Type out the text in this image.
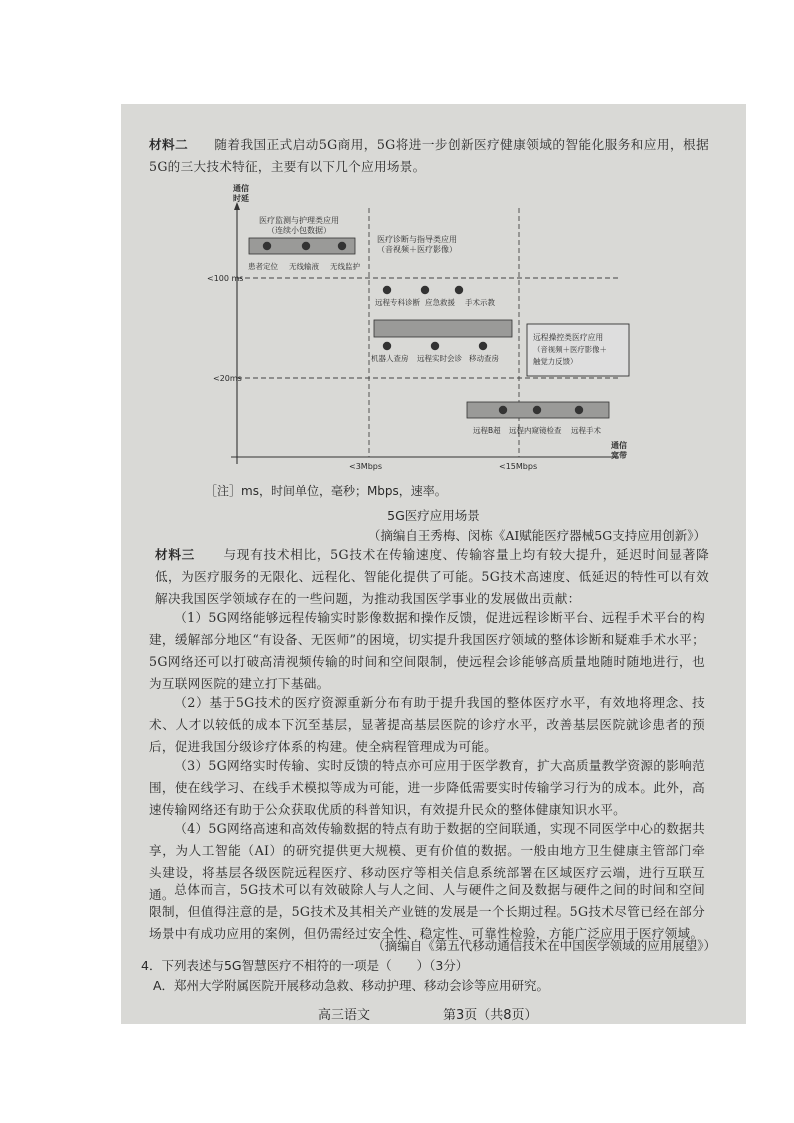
材料二 随着我国正式启动5G商用，5G将进一步创新医疗健康领域的智能化服务和应用，根据5G的三大技术特征，主要有以下几个应用场景。
通信
时延
<100 ms
<20ms
<3Mbps	<15Mbps
通信
宽带
医疗监测与护理类应用
（连续小包数据）
患者定位 无线输液 无线监护
医疗诊断与指导类应用
（音视频＋医疗影像）
远程专科诊断 应急救援 手术示教
机器人查房 远程实时会诊 移动查房
远程操控类医疗应用
（音视频＋医疗影像＋
触觉力反馈）
远程B超 远程内窥镜检查 远程手术
［注］ms，时间单位，毫秒；Mbps，速率。
5G医疗应用场景
（摘编自王秀梅、闵栋《AI赋能医疗器械5G支持应用创新》）
材料三 与现有技术相比，5G技术在传输速度、传输容量上均有较大提升，延迟时间显著降低，为医疗服务的无限化、远程化、智能化提供了可能。5G技术高速度、低延迟的特性可以有效解决我国医学领域存在的一些问题，为推动我国医学事业的发展做出贡献：
（1）5G网络能够远程传输实时影像数据和操作反馈，促进远程诊断平台、远程手术平台的构建，缓解部分地区“有设备、无医师”的困境，切实提升我国医疗领域的整体诊断和疑难手术水平；5G网络还可以打破高清视频传输的时间和空间限制，使远程会诊能够高质量地随时随地进行，也为互联网医院的建立打下基础。
（2）基于5G技术的医疗资源重新分布有助于提升我国的整体医疗水平，有效地将理念、技术、人才以较低的成本下沉至基层，显著提高基层医院的诊疗水平，改善基层医院就诊患者的预后，促进我国分级诊疗体系的构建。使全病程管理成为可能。
（3）5G网络实时传输、实时反馈的特点亦可应用于医学教育，扩大高质量教学资源的影响范围，使在线学习、在线手术模拟等成为可能，进一步降低需要实时传输学习行为的成本。此外，高速传输网络还有助于公众获取优质的科普知识，有效提升民众的整体健康知识水平。
（4）5G网络高速和高效传输数据的特点有助于数据的空间联通，实现不同医学中心的数据共享，为人工智能（AI）的研究提供更大规模、更有价值的数据。一般由地方卫生健康主管部门牵头建设，将基层各级医院远程医疗、移动医疗等相关信息系统部署在区域医疗云端，进行互联互通。 总体而言，5G技术可以有效破除人与人之间、人与硬件之间及数据与硬件之间的时间和空间限制，但值得注意的是，5G技术及其相关产业链的发展是一个长期过程。5G技术尽管已经在部分场景中有成功应用的案例，但仍需经过安全性、稳定性、可靠性检验，方能广泛应用于医疗领域。
（摘编自《第五代移动通信技术在中国医学领域的应用展望》）
4．下列表述与5G智慧医疗不相符的一项是（　　）（3分）
A．郑州大学附属医院开展移动急救、移动护理、移动会诊等应用研究。
高三语文	第3页（共8页）
